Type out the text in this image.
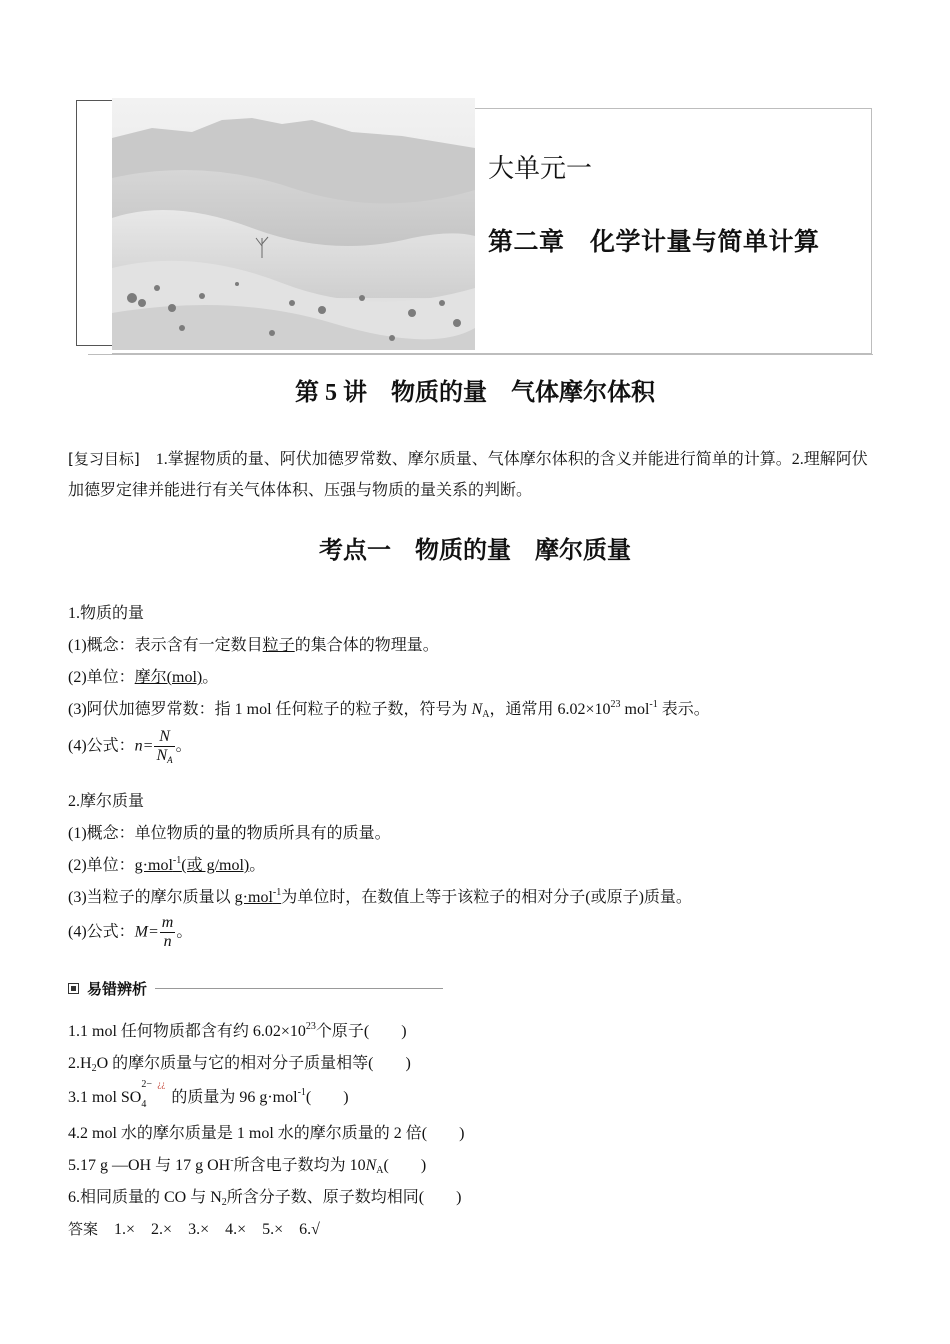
大单元一
第二章　化学计量与简单计算
第 5 讲　物质的量　气体摩尔体积
[复习目标]　1.掌握物质的量、阿伏加德罗常数、摩尔质量、气体摩尔体积的含义并能进行简单的计算。2.理解阿伏加德罗定律并能进行有关气体体积、压强与物质的量关系的判断。
考点一　物质的量　摩尔质量
1.物质的量
(1)概念：表示含有一定数目粒子的集合体的物理量。
(2)单位：摩尔(mol)。
(3)阿伏加德罗常数：指 1 mol 任何粒子的粒子数，符号为 $N_A$，通常用 $6.02\times 10^{23}$ mol$^{-1}$ 表示。
(4)公式：$n= \frac{N}{N_A}$ 。
2.摩尔质量
(1)概念：单位物质的量的物质所具有的质量。
(2)单位：g·mol$^{-1}$(或 g/mol)。
(3)当粒子的摩尔质量以 g·mol$^{-1}$为单位时，在数值上等于该粒子的相对分子(或原子)质量。
(4)公式：$M= \frac{m}{n}$ 。
易错辨析
1.1 mol 任何物质都含有约 $6.02\times 10^{23}$个原子(　　)
$2.H_2O$ 的摩尔质量与它的相对分子质量相等(　　)
3.1 mol SO
2−
4
¿¿
的质量为 96 g·mol$^{-1}$(　　)
4.2 mol 水的摩尔质量是 1 mol 水的摩尔质量的 2 倍(　　)
5.17 g —OH 与 17 g OH-所含电子数均为 $10N_A$(　　)
6.相同质量的 CO 与 $N_2$所含分子数、原子数均相同(　　)
答案　1.×　2.×　3.×　4.×　5.×　6.√
